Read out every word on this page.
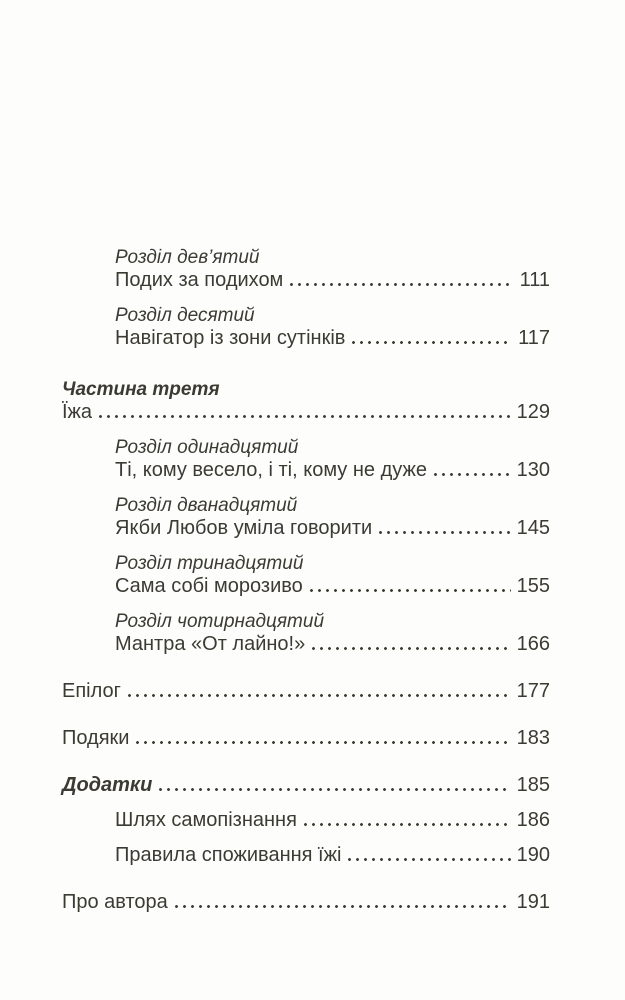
Розділ дев’ятий
Подих за подихом	111
Розділ десятий
Навігатор із зони сутінків	117
Частина третя
Їжа	129
Розділ одинадцятий
Ті, кому весело, і ті, кому не дуже	130
Розділ дванадцятий
Якби Любов уміла говорити	145
Розділ тринадцятий
Сама собі морозиво	155
Розділ чотирнадцятий
Мантра «От лайно!»	166
Епілог	177
Подяки	183
Додатки	185
Шлях самопізнання	186
Правила споживання їжі	190
Про автора	191
